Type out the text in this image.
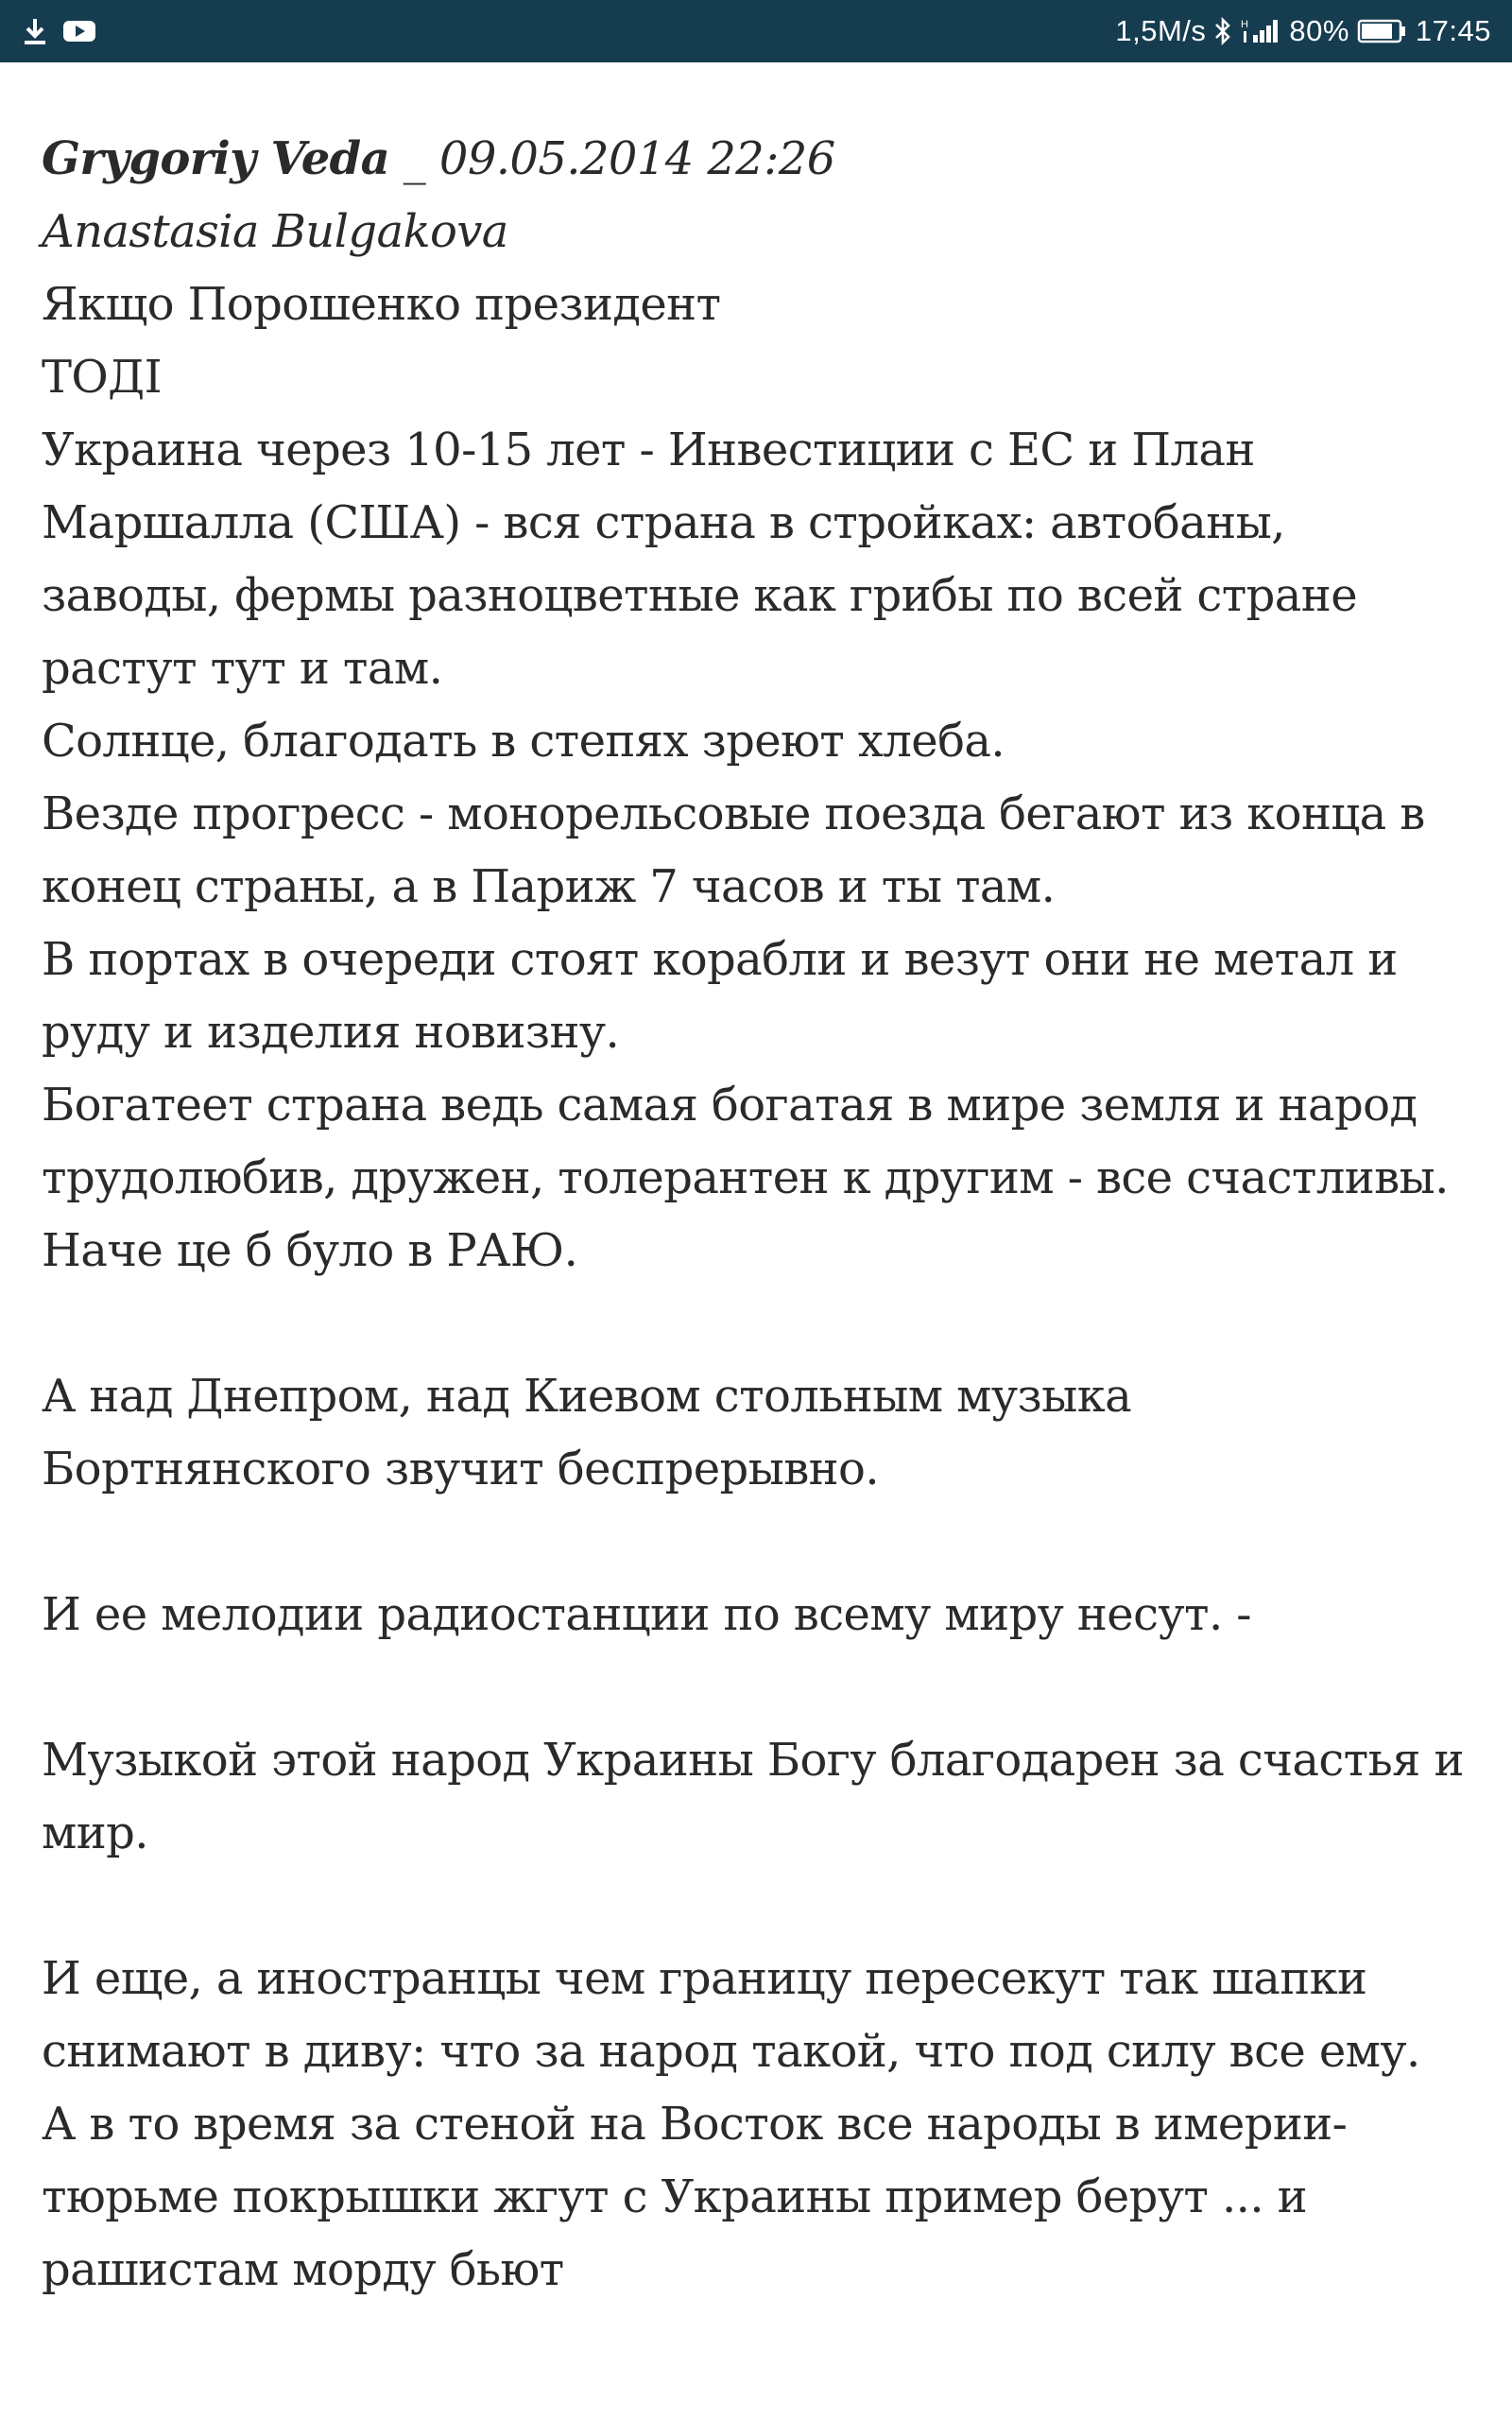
1,5M/s	H 80% 17:45

Grygoriy Veda _ 09.05.2014 22:26

Anastasia Bulgakova

Якщо Порошенко президент

ТОДІ

Украина через 10-15 лет - Инвестиции с ЕС и План

Маршалла (США) - вся страна в стройках: автобаны,

заводы, фермы разноцветные как грибы по всей стране

растут тут и там.

Солнце, благодать в степях зреют хлеба.

Везде прогресс - монорельсовые поезда бегают из конца в

конец страны, а в Париж 7 часов и ты там.

В портах в очереди стоят корабли и везут они не метал и

руду и изделия новизну.

Богатеет страна ведь самая богатая в мире земля и народ

трудолюбив, дружен, толерантен к другим - все счастливы.

Наче це б було в РАЮ.

А над Днепром, над Киевом стольным музыка

Бортнянского звучит беспрерывно.

И ее мелодии радиостанции по всему миру несут. -

Музыкой этой народ Украины Богу благодарен за счастья и

мир.

И еще, а иностранцы чем границу пересекут так шапки

снимают в диву: что за народ такой, что под силу все ему.

А в то время за стеной на Восток все народы в имерии-

тюрьме покрышки жгут с Украины пример берут ... и

рашистам морду бьют
